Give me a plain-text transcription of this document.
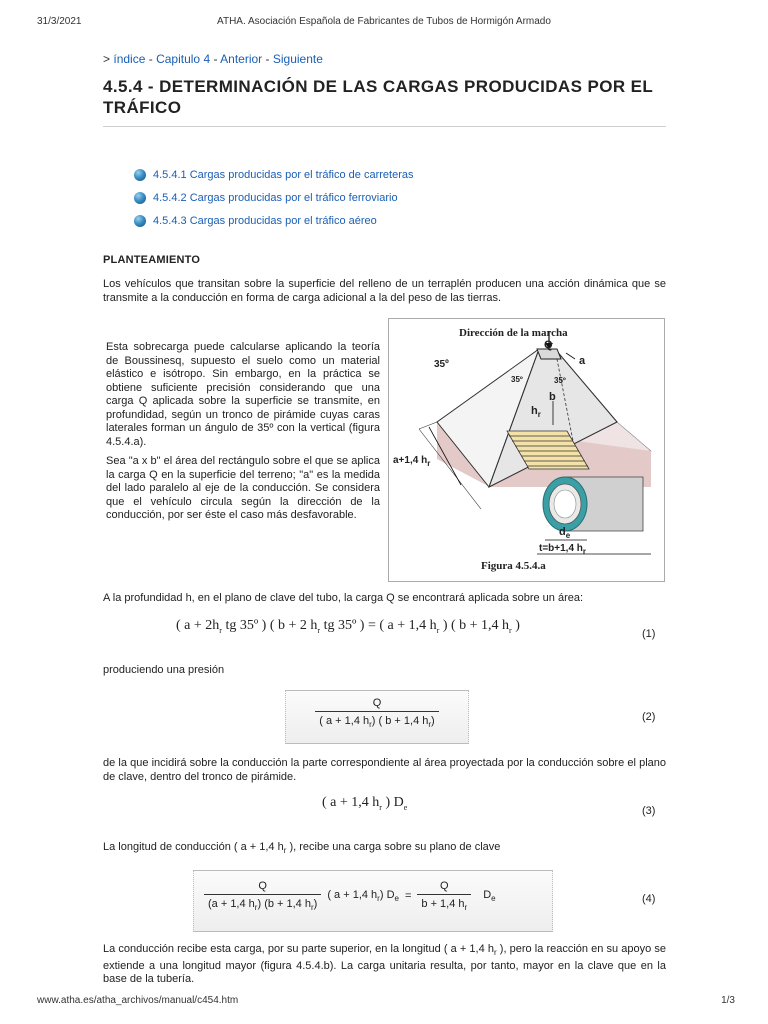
31/3/2021	ATHA. Asociación Española de Fabricantes de Tubos de Hormigón Armado
> índice - Capitulo 4 - Anterior - Siguiente
4.5.4 - DETERMINACIÓN DE LAS CARGAS PRODUCIDAS POR EL TRÁFICO
4.5.4.1 Cargas producidas por el tráfico de carreteras
4.5.4.2 Cargas producidas por el tráfico ferroviario
4.5.4.3 Cargas producidas por el tráfico aéreo
PLANTEAMIENTO

Los vehículos que transitan sobre la superficie del relleno de un terraplén producen una acción dinámica que se transmite a la conducción en forma de carga adicional a la del peso de las tierras.

Esta sobrecarga puede calcularse aplicando la teoría de Boussinesq, supuesto el suelo como un material elástico e isótropo. Sin embargo, en la práctica se obtiene suficiente precisión considerando que una carga Q aplicada sobre la superficie se transmite, en profundidad, según un tronco de pirámide cuyas caras laterales forman un ángulo de 35º con la vertical (figura 4.5.4.a).

Sea "a x b" el área del rectángulo sobre el que se aplica la carga Q en la superficie del terreno; "a" es la medida del lado paralelo al eje de la conducción. Se considera que el vehículo circula según la dirección de la conducción, por ser éste el caso más desfavorable.

Dirección de la marcha
Q
35º
35º	35º
a
b
$h_r$
a+1,4 $h_r$
$d_e$
t=b+1,4 $h_r$
Figura 4.5.4.a

A la profundidad h, en el plano de clave del tubo, la carga Q se encontrará aplicada sobre un área:

( $a + 2h_r$ tg 35º ) ( b + 2 $h_r$ tg 35º ) = ( a + 1,4 $h_r$ ) ( b + 1,4 $h_r$ )
(1)

produciendo una presión

$\frac{Q}{( a + 1,4 h_r) ( b + 1,4 h_r)}$	(2)

de la que incidirá sobre la conducción la parte correspondiente al área proyectada por la conducción sobre el plano de clave, dentro del tronco de pirámide.

( a + 1,4 $h_r$ ) $D_e$	(3)

La longitud de conducción ( a + 1,4 $h_r$ ), recibe una carga sobre su plano de clave

$\frac{Q}{(a + 1,4 h_r) (b + 1,4 h_r)}$ ( a + 1,4 $h_r$) $D_e = \frac{Q}{b + 1,4 h_r} D_e$	(4)

La conducción recibe esta carga, por su parte superior, en la longitud ( a + 1,4 $h_r$ ), pero la reacción en su apoyo se extiende a una longitud mayor (figura 4.5.4.b). La carga unitaria resulta, por tanto, mayor en la clave que en la base de la tubería.

www.atha.es/atha_archivos/manual/c454.htm	1/3
